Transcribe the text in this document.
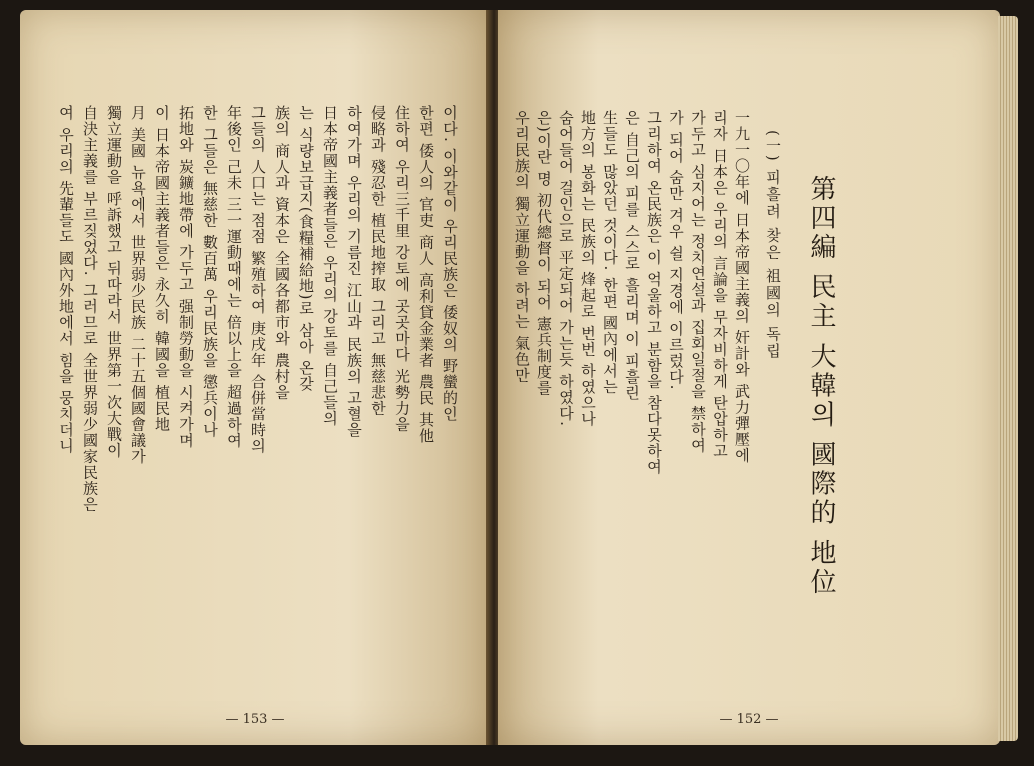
이다. 이와같이 우리民族은 倭奴의 野蠻的인
한편 倭人의 官吏 商人 高利貸金業者 農民 其他
住하여 우리三千里 강토에 곳곳마다 光勢力을
侵略과 殘忍한 植民地搾取 그리고 無慈悲한
하여가며 우리의 기름진 江山과 民族의 고혈을
日本帝國主義者들은 우리의 강토를 自己들의
는 식량보급지(食糧補給地)로 삼아 온갖
族의 商人과 資本은 全國各都市와 農村을
그들의 人口는 점점 繁殖하여 庚戌年 合併當時의
年後인 己未 三一運動때에는 倍以上을 超過하여
한 그들은 無慈한 數百萬 우리民族을 懲兵이나
拓地와 炭鑛地帶에 가두고 强制勞動을 시켜가며
이 日本帝國主義者들은 永久히 韓國을 植民地
月 美國 뉴욕에서 世界弱少民族 二十五個國會議가
獨立運動을 呼訴했고 뒤따라서 世界第一次大戰이
自決主義를 부르짖었다. 그러므로 全世界弱少國家民族은
여 우리의 先輩들도 國內外地에서 힘을 뭉치더니
— 153 —
第四編 民主 大韓의 國際的 地位
(一) 피흘려 찾은 祖國의 독립
一九一〇年에 日本帝國主義의 奸計와 武力彈壓에
리자 日本은 우리의 言論을 무자비하게 탄압하고
가두고 심지어는 정치연설과 집회일절을 禁하여
가 되어 숨만 겨우 쉴 지경에 이르렀다.
그리하여 온民族은 이 억울하고 분함을 참다못하여
은 自己의 피를 스스로 흘리며 이 피흘린
生들도 많았던 것이다. 한편 國內에서는
地方의 봉화는 民族의 烽起로 번번 하였으나
숨어들어 걸인으로 平定되어 가는듯 하였다.
은)이란 명 初代總督이 되어 憲兵制度를
우리民族의 獨立運動을 하려는 氣色만
— 152 —
